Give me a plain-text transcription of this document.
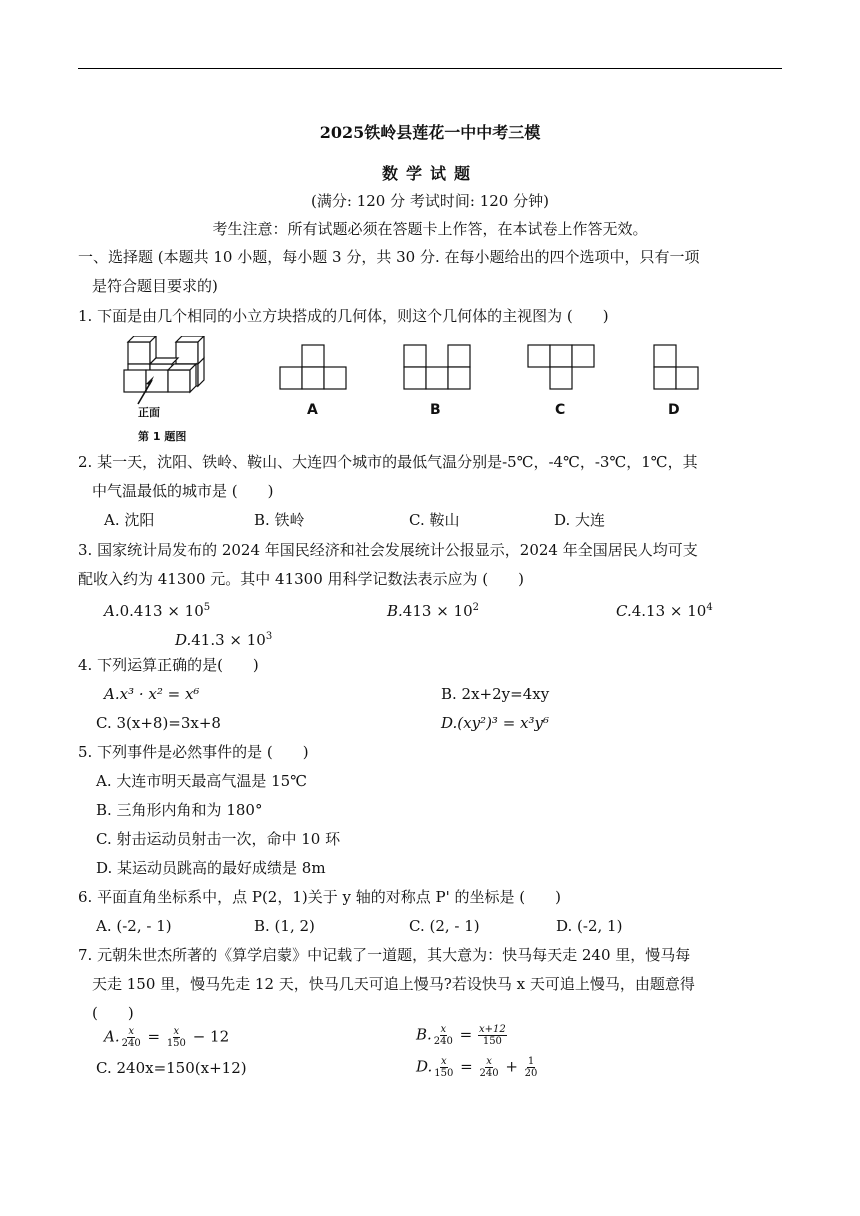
2025铁岭县莲花一中中考三模
数学试题
(满分: 120 分 考试时间: 120 分钟)
考生注意：所有试题必须在答题卡上作答，在本试卷上作答无效。
一、选择题 (本题共 10 小题，每小题 3 分，共 30 分. 在每小题给出的四个选项中，只有一项
是符合题目要求的)
1. 下面是由几个相同的小立方块搭成的几何体，则这个几何体的主视图为 (　　)
正面
第 1 题图
A	B	C	D
2. 某一天，沈阳、铁岭、鞍山、大连四个城市的最低气温分别是-5℃，-4℃，-3℃，1℃，其
中气温最低的城市是 (　　)
A. 沈阳	B. 铁岭	C. 鞍山	D. 大连
3. 国家统计局发布的 2024 年国民经济和社会发展统计公报显示，2024 年全国居民人均可支
配收入约为 41300 元。其中 41300 用科学记数法表示应为 (　　)
$A.0.413 \times 10^5$	$B.413 \times 10^2$	$C.4.13 \times 10^4$
$D.41.3 \times 10^3$
4. 下列运算正确的是(　　)
A.x³ · x² = x⁶	B. 2x+2y=4xy
C. 3(x+8)=3x+8	D.(xy²)³ = x³y⁶
5. 下列事件是必然事件的是 (　　)
A. 大连市明天最高气温是 15℃
B. 三角形内角和为 180°
C. 射击运动员射击一次，命中 10 环
D. 某运动员跳高的最好成绩是 8m
6. 平面直角坐标系中，点 P(2，1)关于 y 轴的对称点 P' 的坐标是 (　　)
A. (-2, - 1)	B. (1, 2)	C. (2, - 1)	D. (-2, 1)
7. 元朝朱世杰所著的《算学启蒙》中记载了一道题，其大意为：快马每天走 240 里，慢马每
天走 150 里，慢马先走 12 天，快马几天可追上慢马?若设快马 x 天可追上慢马，由题意得
(　　)
A. $\frac{x}{240} = \frac{x}{150} - 12$	B. $\frac{x}{240} = \frac{x+12}{150}$
C. 240x=150(x+12)	D. $\frac{x}{150} = \frac{x}{240} + \frac{1}{20}$
